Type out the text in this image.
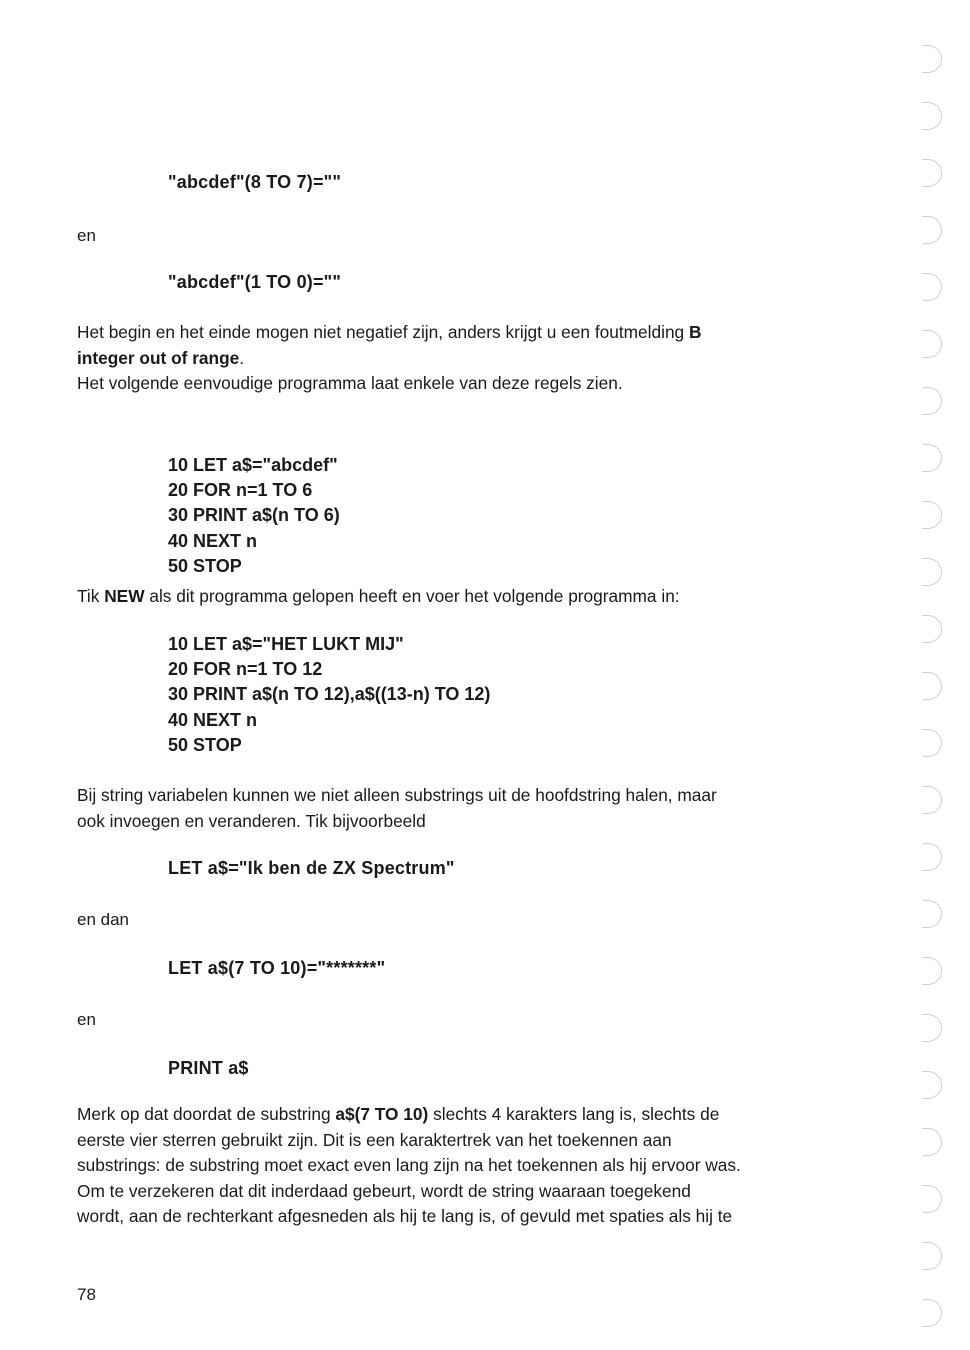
"abcdef"(8 TO 7)=""

en

"abcdef"(1 TO 0)=""

Het begin en het einde mogen niet negatief zijn, anders krijgt u een foutmelding B

integer out of range.

Het volgende eenvoudige programma laat enkele van deze regels zien.

10 LET a$="abcdef"
20 FOR n=1 TO 6
30 PRINT a$(n TO 6)
40 NEXT n
50 STOP

Tik NEW als dit programma gelopen heeft en voer het volgende programma in:

10 LET a$="HET LUKT MIJ"
20 FOR n=1 TO 12
30 PRINT a$(n TO 12),a$((13-n) TO 12)
40 NEXT n
50 STOP

Bij string variabelen kunnen we niet alleen substrings uit de hoofdstring halen, maar

ook invoegen en veranderen. Tik bijvoorbeeld

LET a$="Ik ben de ZX Spectrum"

en dan

LET a$(7 TO 10)="*******"

en

PRINT a$

Merk op dat doordat de substring a$(7 TO 10) slechts 4 karakters lang is, slechts de

eerste vier sterren gebruikt zijn. Dit is een karaktertrek van het toekennen aan

substrings: de substring moet exact even lang zijn na het toekennen als hij ervoor was.

Om te verzekeren dat dit inderdaad gebeurt, wordt de string waaraan toegekend

wordt, aan de rechterkant afgesneden als hij te lang is, of gevuld met spaties als hij te

78
